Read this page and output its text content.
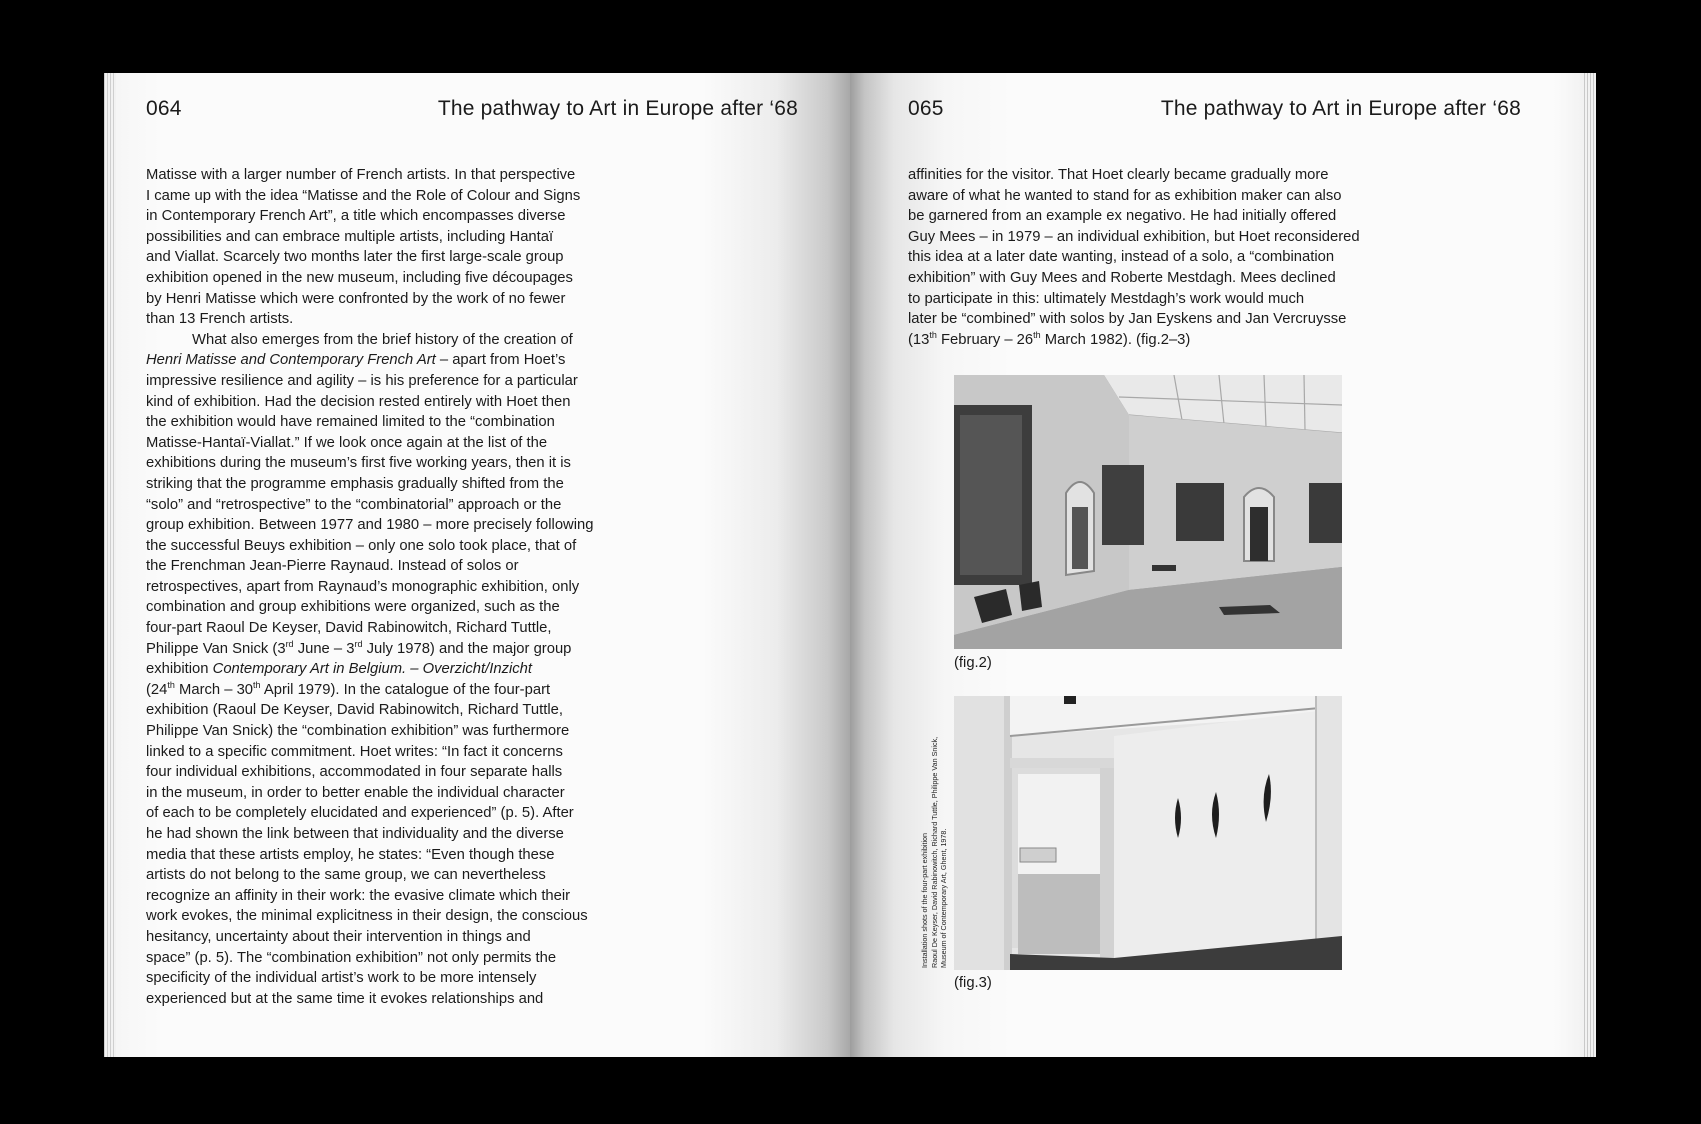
064	The pathway to Art in Europe after ‘68

Matisse with a larger number of French artists. In that perspective
I came up with the idea “Matisse and the Role of Colour and Signs
in Contemporary French Art”, a title which encompasses diverse
possibilities and can embrace multiple artists, including Hantaï
and Viallat. Scarcely two months later the first large-scale group
exhibition opened in the new museum, including five découpages
by Henri Matisse which were confronted by the work of no fewer
than 13 French artists.

What also emerges from the brief history of the creation of
Henri Matisse and Contemporary French Art – apart from Hoet’s
impressive resilience and agility – is his preference for a particular
kind of exhibition. Had the decision rested entirely with Hoet then
the exhibition would have remained limited to the “combination
Matisse-Hantaï-Viallat.” If we look once again at the list of the
exhibitions during the museum’s first five working years, then it is
striking that the programme emphasis gradually shifted from the
“solo” and “retrospective” to the “combinatorial” approach or the
group exhibition. Between 1977 and 1980 – more precisely following
the successful Beuys exhibition – only one solo took place, that of
the Frenchman Jean-Pierre Raynaud. Instead of solos or
retrospectives, apart from Raynaud’s monographic exhibition, only
combination and group exhibitions were organized, such as the
four-part Raoul De Keyser, David Rabinowitch, Richard Tuttle,
Philippe Van Snick (3rd June – 3rd July 1978) and the major group
exhibition Contemporary Art in Belgium. – Overzicht/Inzicht
(24th March – 30th April 1979). In the catalogue of the four-part
exhibition (Raoul De Keyser, David Rabinowitch, Richard Tuttle,
Philippe Van Snick) the “combination exhibition” was furthermore
linked to a specific commitment. Hoet writes: “In fact it concerns
four individual exhibitions, accommodated in four separate halls
in the museum, in order to better enable the individual character
of each to be completely elucidated and experienced” (p. 5). After
he had shown the link between that individuality and the diverse
media that these artists employ, he states: “Even though these
artists do not belong to the same group, we can nevertheless
recognize an affinity in their work: the evasive climate which their
work evokes, the minimal explicitness in their design, the conscious
hesitancy, uncertainty about their intervention in things and
space” (p. 5). The “combination exhibition” not only permits the
specificity of the individual artist’s work to be more intensely
experienced but at the same time it evokes relationships and

065	The pathway to Art in Europe after ‘68

affinities for the visitor. That Hoet clearly became gradually more
aware of what he wanted to stand for as exhibition maker can also
be garnered from an example ex negativo. He had initially offered
Guy Mees – in 1979 – an individual exhibition, but Hoet reconsidered
this idea at a later date wanting, instead of a solo, a “combination
exhibition” with Guy Mees and Roberte Mestdagh. Mees declined
to participate in this: ultimately Mestdagh’s work would much
later be “combined” with solos by Jan Eyskens and Jan Vercruysse
(13th February – 26th March 1982). (fig.2–3)

(fig.2)
(fig.3)
Installation shots of the four-part exhibition Raoul De Keyser, David Rabinowitch, Richard Tuttle, Philippe Van Snick, Museum of Contemporary Art, Ghent, 1978.
